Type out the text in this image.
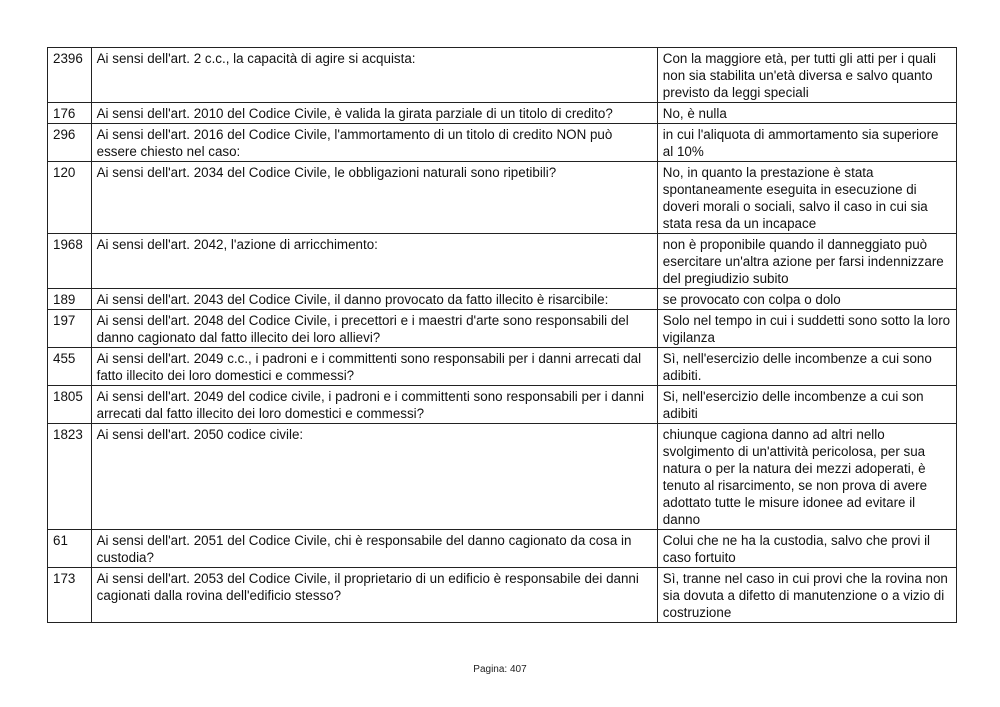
2396	Ai sensi dell'art. 2 c.c., la capacità di agire si acquista:	Con la maggiore età, per tutti gli atti per i quali non sia stabilita un'età diversa e salvo quanto previsto da leggi speciali
176	Ai sensi dell'art. 2010 del Codice Civile, è valida la girata parziale di un titolo di credito?	No, è nulla
296	Ai sensi dell'art. 2016 del Codice Civile, l'ammortamento di un titolo di credito NON può essere chiesto nel caso:	in cui l'aliquota di ammortamento sia superiore al 10%
120	Ai sensi dell'art. 2034 del Codice Civile, le obbligazioni naturali sono ripetibili?	No, in quanto la prestazione è stata spontaneamente eseguita in esecuzione di doveri morali o sociali, salvo il caso in cui sia stata resa da un incapace
1968	Ai sensi dell'art. 2042, l'azione di arricchimento:	non è proponibile quando il danneggiato può esercitare un'altra azione per farsi indennizzare del pregiudizio subito
189	Ai sensi dell'art. 2043 del Codice Civile, il danno provocato da fatto illecito è risarcibile:	se provocato con colpa o dolo
197	Ai sensi dell'art. 2048 del Codice Civile, i precettori e i maestri d'arte sono responsabili del danno cagionato dal fatto illecito dei loro allievi?	Solo nel tempo in cui i suddetti sono sotto la loro vigilanza
455	Ai sensi dell'art. 2049 c.c., i padroni e i committenti sono responsabili per i danni arrecati dal fatto illecito dei loro domestici e commessi?	Sì, nell'esercizio delle incombenze a cui sono adibiti.
1805	Ai sensi dell'art. 2049 del codice civile, i padroni e i committenti sono responsabili per i danni arrecati dal fatto illecito dei loro domestici e commessi?	Si, nell'esercizio delle incombenze a cui son adibiti
1823	Ai sensi dell'art. 2050 codice civile:	chiunque cagiona danno ad altri nello svolgimento di un'attività pericolosa, per sua natura o per la natura dei mezzi adoperati, è tenuto al risarcimento, se non prova di avere adottato tutte le misure idonee ad evitare il danno
61	Ai sensi dell'art. 2051 del Codice Civile, chi è responsabile del danno cagionato da cosa in custodia?	Colui che ne ha la custodia, salvo che provi il caso fortuito
173	Ai sensi dell'art. 2053 del Codice Civile, il proprietario di un edificio è responsabile dei danni cagionati dalla rovina dell'edificio stesso?	Sì, tranne nel caso in cui provi che la rovina non sia dovuta a difetto di manutenzione o a vizio di costruzione
Pagina: 407
